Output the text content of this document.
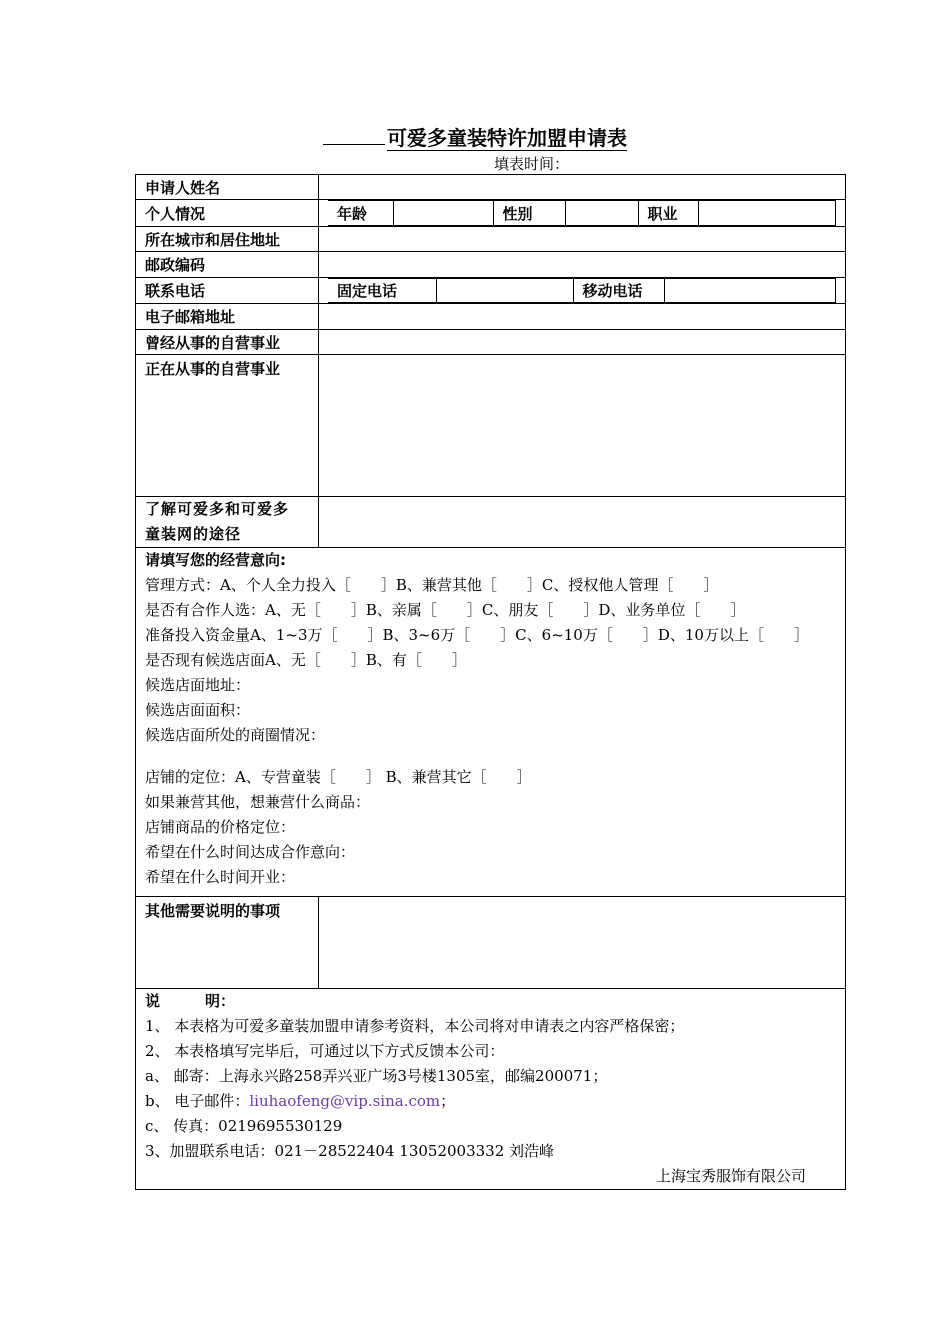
可爱多童装特许加盟申请表
填表时间：
申请人姓名	
个人情况		年龄		性别		职业	

所在城市和居住地址	
邮政编码	
联系电话		固定电话		移动电话	

电子邮箱地址	
曾经从事的自营事业	
正在从事的自营事业	

了解可爱多和可爱多
童装网的途径

请填写您的经营意向:
管理方式：A、个人全力投入［　　］B、兼营其他［　　］C、授权他人管理［　　］
是否有合作人选：A、无［　　］B、亲属［　　］C、朋友［　　］D、业务单位［　　］
准备投入资金量A、1~3万［　　］B、3~6万［　　］C、6~10万［　　］D、10万以上［　　］
是否现有候选店面A、无［　　］B、有［　　］
候选店面地址：
候选店面面积：
候选店面所处的商圈情况：
店铺的定位：A、专营童装［　　］ B、兼营其它［　　］
如果兼营其他，想兼营什么商品：
店铺商品的价格定位：
希望在什么时间达成合作意向：
希望在什么时间开业：

其他需要说明的事项	

说　　　明：
1、 本表格为可爱多童装加盟申请参考资料，本公司将对申请表之内容严格保密；
2、 本表格填写完毕后，可通过以下方式反馈本公司：
a、 邮寄：上海永兴路258弄兴亚广场3号楼1305室，邮编200071；
b、 电子邮件：liuhaofeng@vip.sina.com；
c、 传真：0219695530129
3、加盟联系电话：021－28522404 13052003332 刘浩峰
上海宝秀服饰有限公司
